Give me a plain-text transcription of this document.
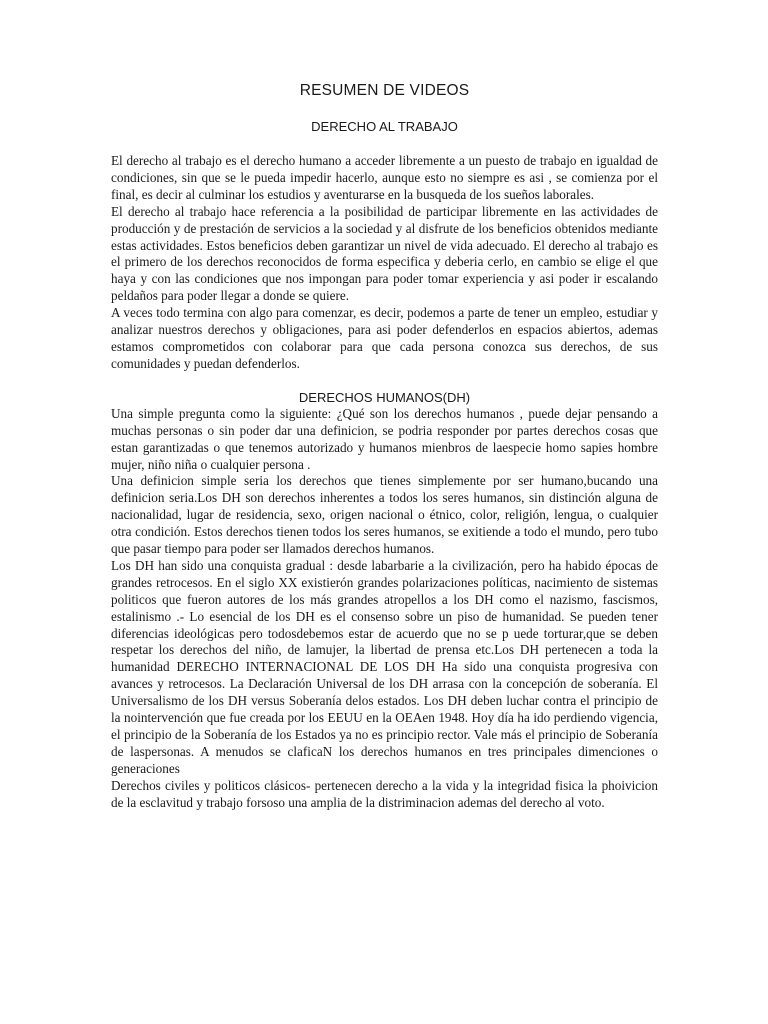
RESUMEN DE VIDEOS
DERECHO AL TRABAJO

El derecho al trabajo es el derecho humano a acceder libremente a un puesto de trabajo en igualdad de condiciones, sin que se le pueda impedir hacerlo, aunque esto no siempre es asi , se comienza por el final, es decir al culminar los estudios y aventurarse en la busqueda de los sueños laborales.

El derecho al trabajo hace referencia a la posibilidad de participar libremente en las actividades de producción y de prestación de servicios a la sociedad y al disfrute de los beneficios obtenidos mediante estas actividades. Estos beneficios deben garantizar un nivel de vida adecuado. El derecho al trabajo es el primero de los derechos reconocidos de forma especifica y deberia cerlo, en cambio se elige el que haya y con las condiciones que nos impongan para poder tomar experiencia y asi poder ir escalando peldaños para poder llegar a donde se quiere.

A veces todo termina con algo para comenzar, es decir, podemos a parte de tener un empleo, estudiar y analizar nuestros derechos y obligaciones, para asi poder defenderlos en espacios abiertos, ademas estamos comprometidos con colaborar para que cada persona conozca sus derechos, de sus comunidades y puedan defenderlos.

DERECHOS HUMANOS(DH)

Una simple pregunta como la siguiente: ¿Qué son los derechos humanos , puede dejar pensando a muchas personas o sin poder dar una definicion, se podria responder por partes derechos cosas que estan garantizadas o que tenemos autorizado y humanos mienbros de laespecie homo sapies hombre mujer, niño niña o cualquier persona .

Una definicion simple seria los derechos que tienes simplemente por ser humano,bucando una definicion seria.Los DH son derechos inherentes a todos los seres humanos, sin distinción alguna de nacionalidad, lugar de residencia, sexo, origen nacional o étnico, color, religión, lengua, o cualquier otra condición. Estos derechos tienen todos los seres humanos, se exitiende a todo el mundo, pero tubo que pasar tiempo para poder ser llamados derechos humanos.

Los DH han sido una conquista gradual : desde labarbarie a la civilización, pero ha habido épocas de grandes retrocesos. En el siglo XX existierón grandes polarizaciones políticas, nacimiento de sistemas politicos que fueron autores de los más grandes atropellos a los DH como el nazismo, fascismos, estalinismo .- Lo esencial de los DH es el consenso sobre un piso de humanidad. Se pueden tener diferencias ideológicas pero todosdebemos estar de acuerdo que no se p uede torturar,que se deben respetar los derechos del niño, de lamujer, la libertad de prensa etc.Los DH pertenecen a toda la humanidad DERECHO INTERNACIONAL DE LOS DH Ha sido una conquista progresiva con avances y retrocesos. La Declaración Universal de los DH arrasa con la concepción de soberanía. El Universalismo de los DH versus Soberanía delos estados. Los DH deben luchar contra el principio de la nointervención que fue creada por los EEUU en la OEAen 1948. Hoy día ha ido perdiendo vigencia, el principio de la Soberanía de los Estados ya no es principio rector. Vale más el principio de Soberanía de laspersonas. A menudos se claficaN los derechos humanos en tres principales dimenciones o generaciones

Derechos civiles y politicos clásicos- pertenecen derecho a la vida y la integridad fisica la phoivicion de la esclavitud y trabajo forsoso una amplia de la distriminacion ademas del derecho al voto.
